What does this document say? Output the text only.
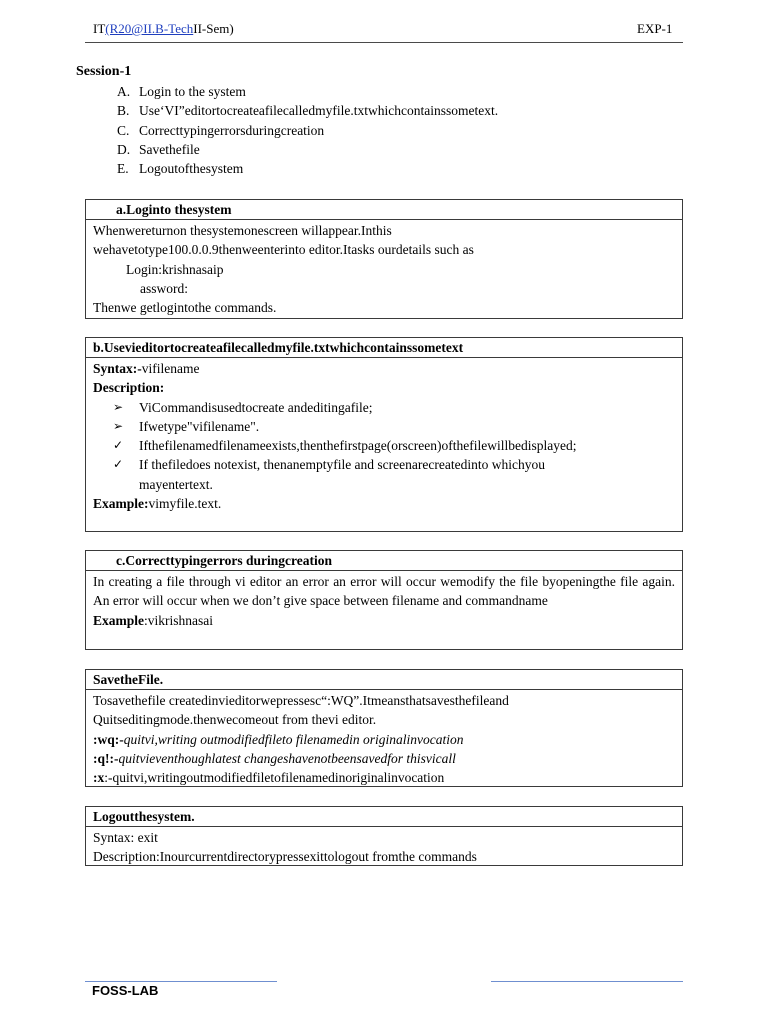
IT(R20@II.B-TechII-Sem)	EXP-1
Session-1
A. Login to the system
B. Use‘VI”editortocreateafilecalledmyfile.txtwhichcontainssometext.
C. Correcttypingerrorsduringcreation
D. Savethefile
E. Logoutofthesystem
a.Loginto thesystem
Whenwereturnon thesystemonescreen willappear.Inthis
wehavetotype100.0.0.9thenweenterinto editor.Itasks ourdetails such as
Login:krishnasaip
assword:
Thenwe getlogintothe commands.
b.Usevieditortocreateafilecalledmyfile.txtwhichcontainssometext
Syntax:-vifilename
Description:
➢	ViCommandisusedtocreate andeditingafile;
➢	Ifwetype"vifilename".
✓	Ifthefilenamedfilenameexists,thenthefirstpage(orscreen)ofthefilewillbedisplayed;
✓	If thefiledoes notexist, thenanemptyfile and screenarecreatedinto whichyou mayentertext.
Example:vimyfile.text.
c.Correcttypingerrors duringcreation
In creating a file through vi editor an error an error will occur wemodify the file byopeningthe file again. An error will occur when we don’t give space between filename and commandname
Example:vikrishnasai
SavetheFile.
Tosavethefile createdinvieditorwepressesc“:WQ”.Itmeansthatsavesthefileand
Quitseditingmode.thenwecomeout from thevi editor.
:wq:-quitvi,writing outmodifiedfileto filenamedin originalinvocation
:q!:-quitvieventhoughlatest changeshavenotbeensavedfor thisvicall
:x:-quitvi,writingoutmodifiedfiletofilenamedinoriginalinvocation
Logoutthesystem.
Syntax: exit
Description:Inourcurrentdirectorypressexittologout fromthe commands
FOSS-LAB
